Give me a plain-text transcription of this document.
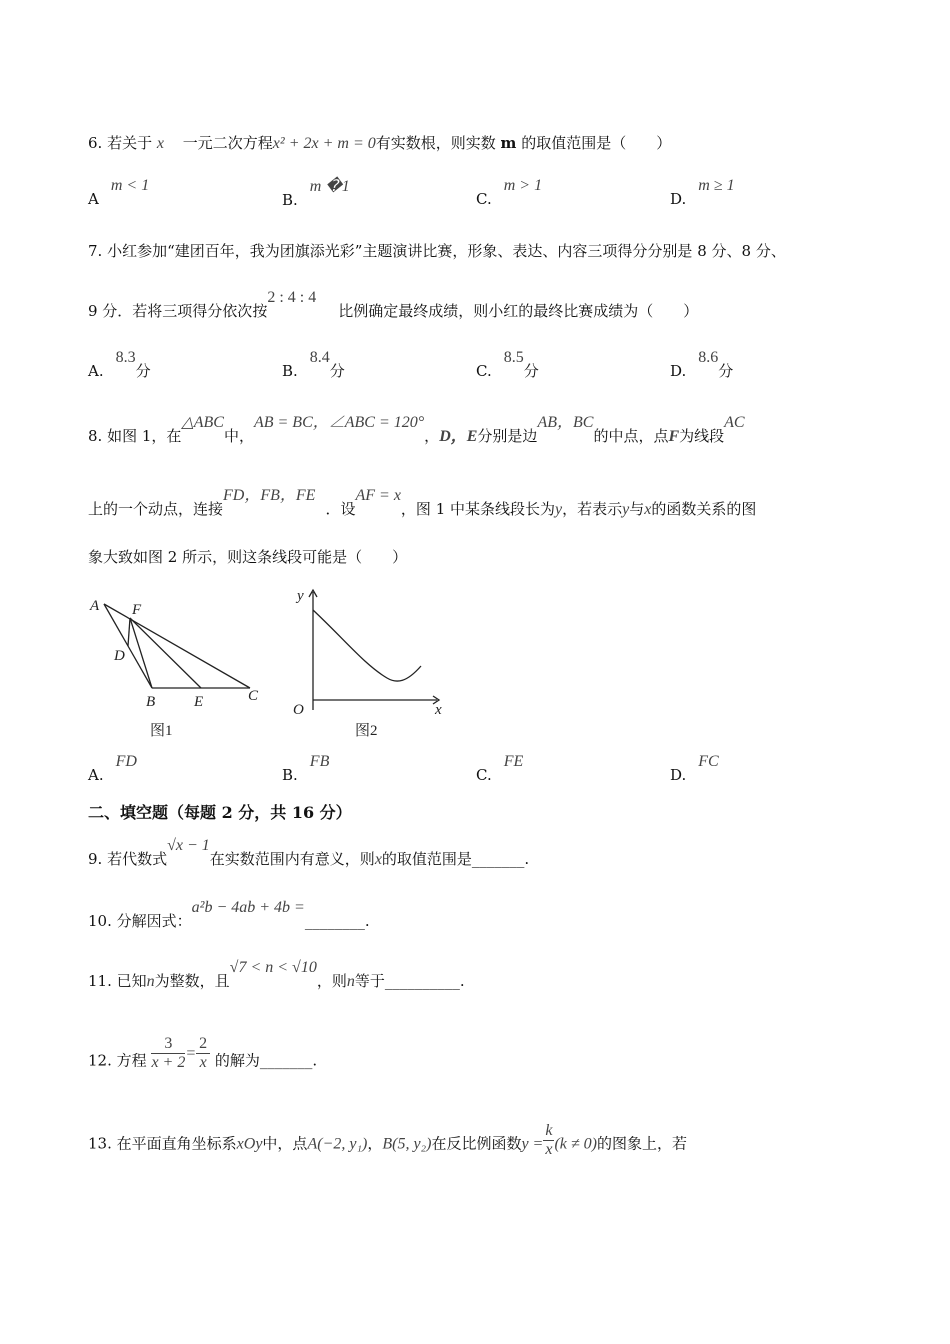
6. 若关于 x 一元二次方程x² + 2x + m = 0有实数根，则实数 m 的取值范围是（　　）
Am < 1
B.m �1
C.m > 1
D.m ≥ 1
7. 小红参加“建团百年，我为团旗添光彩”主题演讲比赛，形象、表达、内容三项得分分别是 8 分、8 分、
9 分．若将三项得分依次按2 : 4 : 4比例确定最终成绩，则小红的最终比赛成绩为（　　）
A.8.3分	B.8.4分	C.8.5分	D.8.6分
8. 如图 1，在△ABC中，AB = BC，∠ABC = 120°，D，E分别是边AB，BC的中点，点F为线段AC
上的一个动点，连接FD，FB，FE．设AF = x，图 1 中某条线段长为y，若表示y与x的函数关系的图
象大致如图 2 所示，则这条线段可能是（　　）
A F
D
B	E	C
图1
y
x
O
图2
A.FD
B.FB
C.FE
D.FC
二、填空题（每题 2 分，共 16 分）
9. 若代数式√x − 1在实数范围内有意义，则x的取值范围是_______.
10. 分解因式：a²b − 4ab + 4b =________.
11. 已知n为整数，且√7 < n < √10，则n等于__________.
12. 方程 $\frac{3}{x + 2} = \frac{2}{x}$ 的解为_______.
13. 在平面直角坐标系xOy中，点A(−2, y₁)，B(5, y₂)在反比例函数$y = \frac{k}{x} (k \ne 0)$的图象上，若
